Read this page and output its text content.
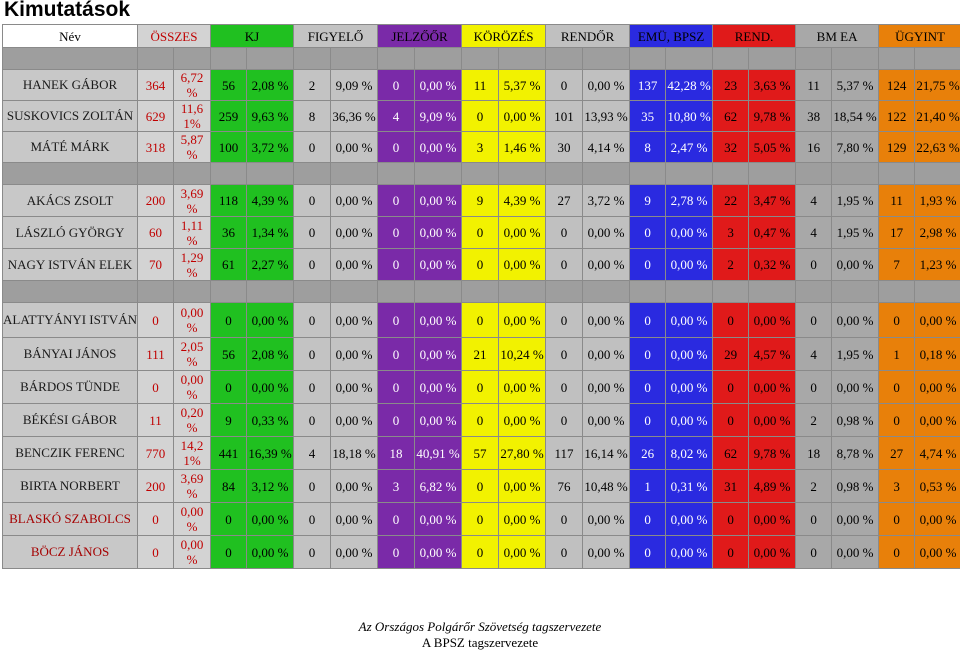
Kimutatások
Név	ÖSSZES		KJ		FIGYELŐ		JELZŐŐR		KÖRÖZÉS		RENDŐR		EMÜ, BPSZ		REND.		BM EA		ÜGYINT	

HANEK GÁBOR	364	6,72 %	56	2,08 %	2	9,09 %	0	0,00 %	11	5,37 %	0	0,00 %	137	42,28 %	23	3,63 %	11	5,37 %	124	21,75 %
SUSKOVICS ZOLTÁN	629	11,6 1%	259	9,63 %	8	36,36 %	4	9,09 %	0	0,00 %	101	13,93 %	35	10,80 %	62	9,78 %	38	18,54 %	122	21,40 %
MÁTÉ MÁRK	318	5,87 %	100	3,72 %	0	0,00 %	0	0,00 %	3	1,46 %	30	4,14 %	8	2,47 %	32	5,05 %	16	7,80 %	129	22,63 %

AKÁCS ZSOLT	200	3,69 %	118	4,39 %	0	0,00 %	0	0,00 %	9	4,39 %	27	3,72 %	9	2,78 %	22	3,47 %	4	1,95 %	11	1,93 %
LÁSZLÓ GYÖRGY	60	1,11 %	36	1,34 %	0	0,00 %	0	0,00 %	0	0,00 %	0	0,00 %	0	0,00 %	3	0,47 %	4	1,95 %	17	2,98 %
NAGY ISTVÁN ELEK	70	1,29 %	61	2,27 %	0	0,00 %	0	0,00 %	0	0,00 %	0	0,00 %	0	0,00 %	2	0,32 %	0	0,00 %	7	1,23 %

ALATTYÁNYI ISTVÁN	0	0,00 %	0	0,00 %	0	0,00 %	0	0,00 %	0	0,00 %	0	0,00 %	0	0,00 %	0	0,00 %	0	0,00 %	0	0,00 %
BÁNYAI JÁNOS	111	2,05 %	56	2,08 %	0	0,00 %	0	0,00 %	21	10,24 %	0	0,00 %	0	0,00 %	29	4,57 %	4	1,95 %	1	0,18 %
BÁRDOS TÜNDE	0	0,00 %	0	0,00 %	0	0,00 %	0	0,00 %	0	0,00 %	0	0,00 %	0	0,00 %	0	0,00 %	0	0,00 %	0	0,00 %
BÉKÉSI GÁBOR	11	0,20 %	9	0,33 %	0	0,00 %	0	0,00 %	0	0,00 %	0	0,00 %	0	0,00 %	0	0,00 %	2	0,98 %	0	0,00 %
BENCZIK FERENC	770	14,2 1%	441	16,39 %	4	18,18 %	18	40,91 %	57	27,80 %	117	16,14 %	26	8,02 %	62	9,78 %	18	8,78 %	27	4,74 %
BIRTA NORBERT	200	3,69 %	84	3,12 %	0	0,00 %	3	6,82 %	0	0,00 %	76	10,48 %	1	0,31 %	31	4,89 %	2	0,98 %	3	0,53 %
BLASKÓ SZABOLCS	0	0,00 %	0	0,00 %	0	0,00 %	0	0,00 %	0	0,00 %	0	0,00 %	0	0,00 %	0	0,00 %	0	0,00 %	0	0,00 %
BÖCZ JÁNOS	0	0,00 %	0	0,00 %	0	0,00 %	0	0,00 %	0	0,00 %	0	0,00 %	0	0,00 %	0	0,00 %	0	0,00 %	0	0,00 %
Az Országos Polgárőr Szövetség tagszervezete
A BPSZ tagszervezete
